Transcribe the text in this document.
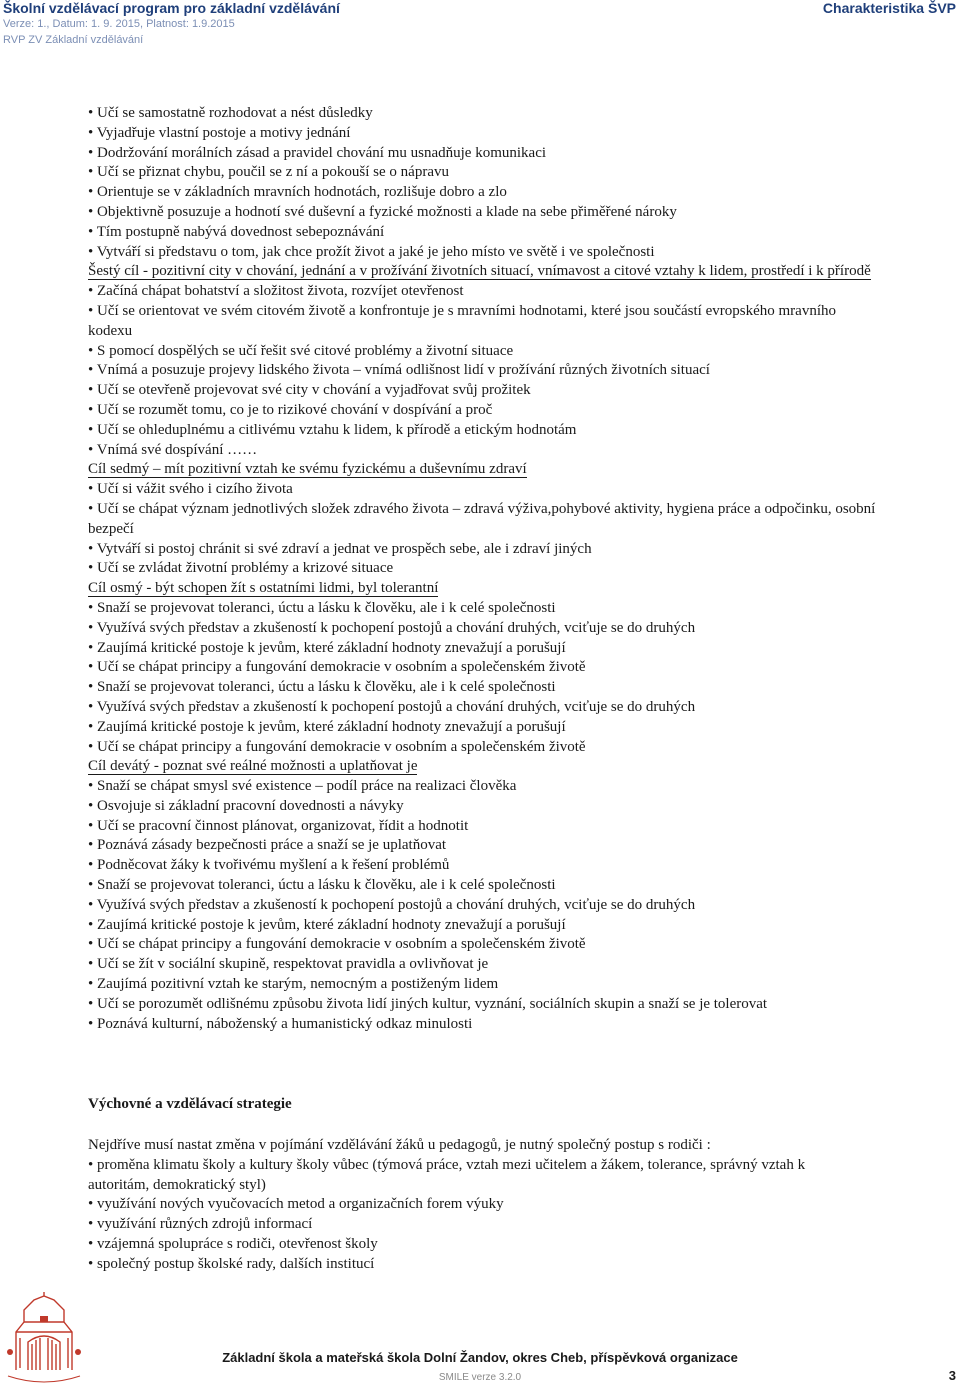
Školní vzdělávací program pro základní vzdělávání	Charakteristika ŠVP
Verze: 1., Datum: 1. 9. 2015, Platnost: 1.9.2015
RVP ZV Základní vzdělávání
• Učí se samostatně rozhodovat a nést důsledky
• Vyjadřuje vlastní postoje a motivy jednání
• Dodržování morálních zásad a pravidel chování mu usnadňuje komunikaci
• Učí se přiznat chybu, poučil se z ní a pokouší se o nápravu
• Orientuje se v základních mravních hodnotách, rozlišuje dobro a zlo
• Objektivně posuzuje a hodnotí své duševní a fyzické možnosti a klade na sebe přiměřené nároky
• Tím postupně nabývá dovednost sebepoznávání
• Vytváří si představu o tom, jak chce prožít život a jaké je jeho místo ve světě i ve společnosti
Šestý cíl - pozitivní city v chování, jednání a v prožívání životních situací, vnímavost a citové vztahy k lidem, prostředí i k přírodě
• Začíná chápat bohatství a složitost života, rozvíjet otevřenost
• Učí se orientovat ve svém citovém životě a konfrontuje je s mravními hodnotami, které jsou součástí evropského mravního kodexu
• S pomocí dospělých se učí řešit své citové problémy a životní situace
• Vnímá a posuzuje projevy lidského života – vnímá odlišnost lidí v prožívání různých životních situací
• Učí se otevřeně projevovat své city v chování a vyjadřovat svůj prožitek
• Učí se rozumět tomu, co je to rizikové chování v dospívání a proč
• Učí se ohleduplnému a citlivému vztahu k lidem, k přírodě a etickým hodnotám
• Vnímá své dospívání ……
Cíl sedmý – mít pozitivní vztah ke svému fyzickému a duševnímu zdraví
• Učí si vážit svého i cizího života
• Učí se chápat význam jednotlivých složek zdravého života – zdravá výživa,pohybové aktivity, hygiena práce a odpočinku, osobní bezpečí
• Vytváří si postoj chránit si své zdraví a jednat ve prospěch sebe, ale i zdraví jiných
• Učí se zvládat životní problémy a krizové situace
Cíl osmý - být schopen žít s ostatními lidmi, byl tolerantní
• Snaží se projevovat toleranci, úctu a lásku k člověku, ale i k celé společnosti
• Využívá svých představ a zkušeností k pochopení postojů a chování druhých, vciťuje se do druhých
• Zaujímá kritické postoje k jevům, které základní hodnoty znevažují a porušují
• Učí se chápat principy a fungování demokracie v osobním a společenském životě
• Snaží se projevovat toleranci, úctu a lásku k člověku, ale i k celé společnosti
• Využívá svých představ a zkušeností k pochopení postojů a chování druhých, vciťuje se do druhých
• Zaujímá kritické postoje k jevům, které základní hodnoty znevažují a porušují
• Učí se chápat principy a fungování demokracie v osobním a společenském životě
Cíl devátý - poznat své reálné možnosti a uplatňovat je
• Snaží se chápat smysl své existence – podíl práce na realizaci člověka
• Osvojuje si základní pracovní dovednosti a návyky
• Učí se pracovní činnost plánovat, organizovat, řídit a hodnotit
• Poznává zásady bezpečnosti práce a snaží se je uplatňovat
• Podněcovat žáky k tvořivému myšlení a k řešení problémů
• Snaží se projevovat toleranci, úctu a lásku k člověku, ale i k celé společnosti
• Využívá svých představ a zkušeností k pochopení postojů a chování druhých, vciťuje se do druhých
• Zaujímá kritické postoje k jevům, které základní hodnoty znevažují a porušují
• Učí se chápat principy a fungování demokracie v osobním a společenském životě
• Učí se žít v sociální skupině, respektovat pravidla a ovlivňovat je
• Zaujímá pozitivní vztah ke starým, nemocným a postiženým lidem
• Učí se porozumět odlišnému způsobu života lidí jiných kultur, vyznání, sociálních skupin a snaží se je tolerovat
• Poznává kulturní, náboženský a humanistický odkaz minulosti
Výchovné a vzdělávací strategie
Nejdříve musí nastat změna v pojímání vzdělávání žáků u pedagogů, je nutný společný postup s rodiči :
• proměna klimatu školy a kultury školy vůbec (týmová práce, vztah mezi učitelem a žákem, tolerance, správný vztah k autoritám, demokratický styl)
• využívání nových vyučovacích metod a organizačních forem výuky
• využívání různých zdrojů informací
• vzájemná spolupráce s rodiči, otevřenost školy
• společný postup školské rady, dalších institucí
Základní škola a mateřská škola Dolní Žandov, okres Cheb, příspěvková organizace
SMILE verze 3.2.0	3
